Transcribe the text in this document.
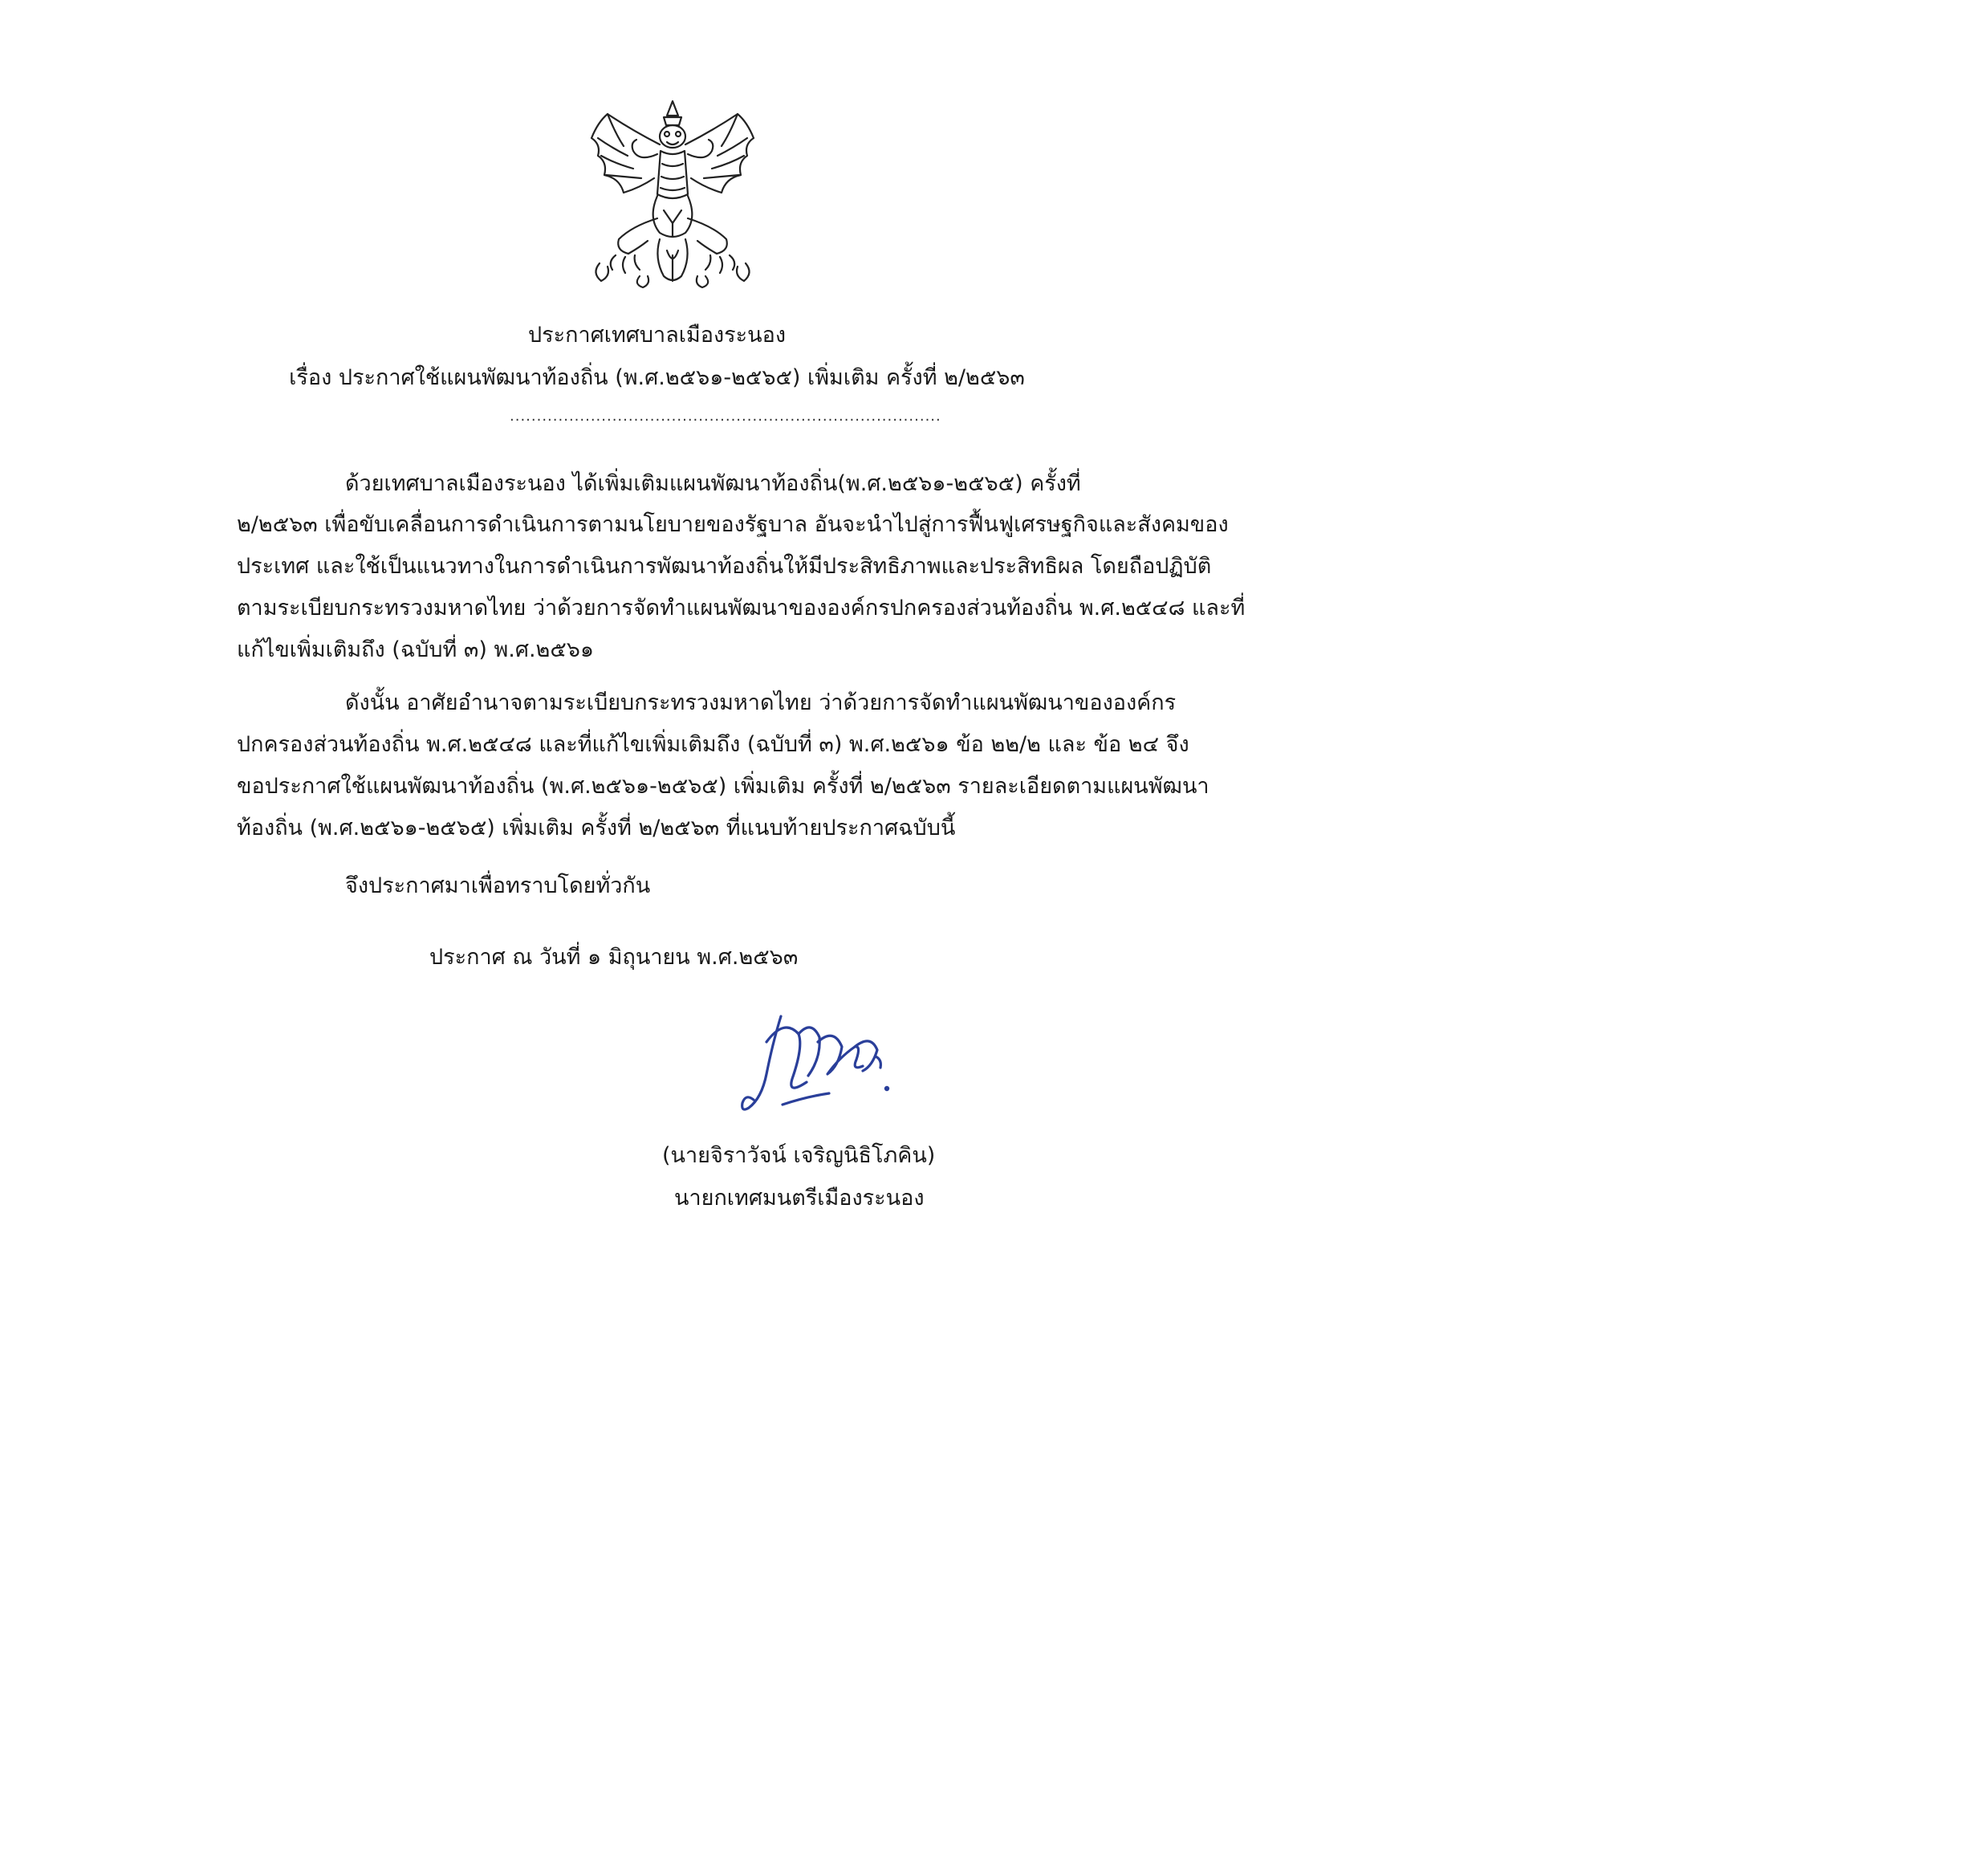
ประกาศเทศบาลเมืองระนอง
เรื่อง ประกาศใช้แผนพัฒนาท้องถิ่น (พ.ศ.๒๕๖๑-๒๕๖๕) เพิ่มเติม ครั้งที่ ๒/๒๕๖๓
................................................................................
ด้วยเทศบาลเมืองระนอง ได้เพิ่มเติมแผนพัฒนาท้องถิ่น(พ.ศ.๒๕๖๑-๒๕๖๕) ครั้งที่
๒/๒๕๖๓ เพื่อขับเคลื่อนการดำเนินการตามนโยบายของรัฐบาล อันจะนำไปสู่การฟื้นฟูเศรษฐกิจและสังคมของ
ประเทศ และใช้เป็นแนวทางในการดำเนินการพัฒนาท้องถิ่นให้มีประสิทธิภาพและประสิทธิผล โดยถือปฏิบัติ
ตามระเบียบกระทรวงมหาดไทย ว่าด้วยการจัดทำแผนพัฒนาขององค์กรปกครองส่วนท้องถิ่น พ.ศ.๒๕๔๘ และที่
แก้ไขเพิ่มเติมถึง (ฉบับที่ ๓) พ.ศ.๒๕๖๑
ดังนั้น อาศัยอำนาจตามระเบียบกระทรวงมหาดไทย ว่าด้วยการจัดทำแผนพัฒนาขององค์กร
ปกครองส่วนท้องถิ่น พ.ศ.๒๕๔๘ และที่แก้ไขเพิ่มเติมถึง (ฉบับที่ ๓) พ.ศ.๒๕๖๑ ข้อ ๒๒/๒ และ ข้อ ๒๔ จึง
ขอประกาศใช้แผนพัฒนาท้องถิ่น (พ.ศ.๒๕๖๑-๒๕๖๕) เพิ่มเติม ครั้งที่ ๒/๒๕๖๓ รายละเอียดตามแผนพัฒนา
ท้องถิ่น (พ.ศ.๒๕๖๑-๒๕๖๕) เพิ่มเติม ครั้งที่ ๒/๒๕๖๓ ที่แนบท้ายประกาศฉบับนี้
จึงประกาศมาเพื่อทราบโดยทั่วกัน
ประกาศ ณ วันที่ ๑ มิถุนายน พ.ศ.๒๕๖๓
(นายจิราวัจน์ เจริญนิธิโภคิน)
นายกเทศมนตรีเมืองระนอง
